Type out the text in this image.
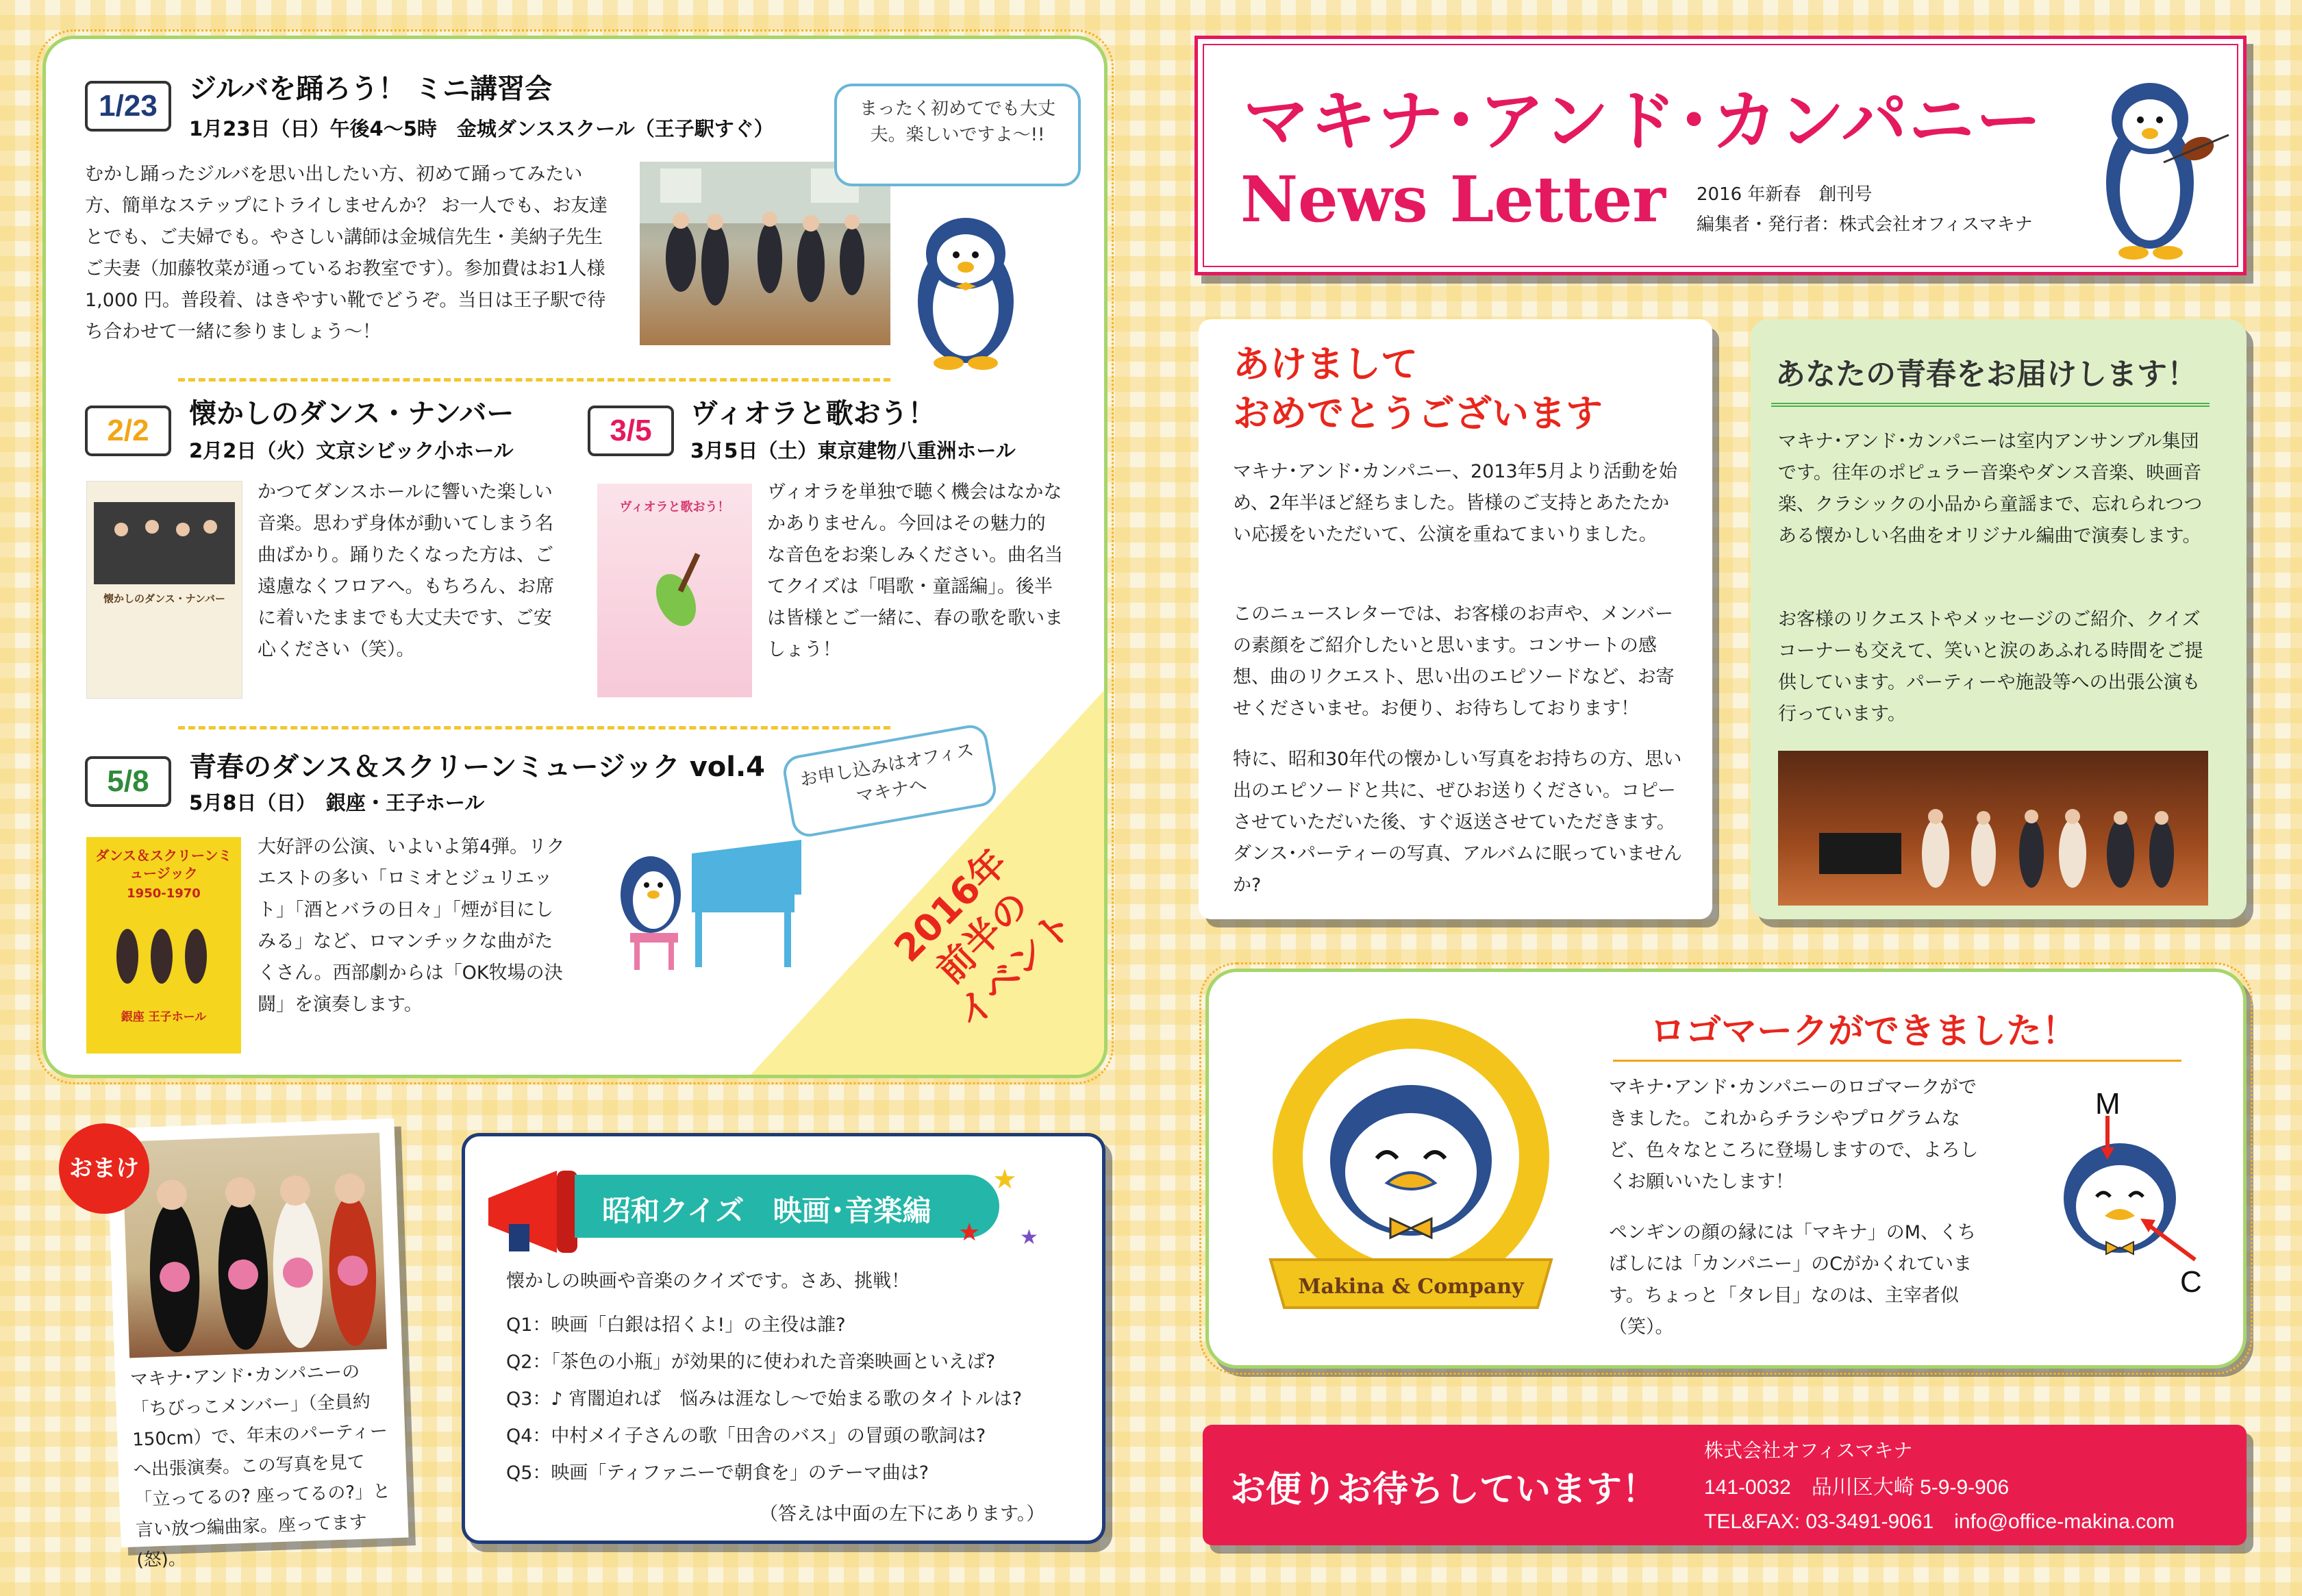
1/23	ジルバを踊ろう！ ミニ講習会
1月23日（日）午後4〜5時　金城ダンススクール（王子駅すぐ）
むかし踊ったジルバを思い出したい方、初めて踊ってみたい方、簡単なステップにトライしませんか？ お一人でも、お友達とでも、ご夫婦でも。やさしい講師は金城信先生・美納子先生ご夫妻（加藤牧菜が通っているお教室です）。参加費はお1人様 1,000 円。普段着、はきやすい靴でどうぞ。当日は王子駅で待ち合わせて一緒に参りましょう〜！
まったく初めてでも大丈夫。楽しいですよ〜!!
2/2	懐かしのダンス・ナンバー
2月2日（火）文京シビック小ホール
懐かしのダンス・ナンバー
かつてダンスホールに響いた楽しい音楽。思わず身体が動いてしまう名曲ばかり。踊りたくなった方は、ご遠慮なくフロアへ。もちろん、お席に着いたままでも大丈夫です、ご安心ください（笑）。
3/5	ヴィオラと歌おう！
3月5日（土）東京建物八重洲ホール
ヴィオラと歌おう！
ヴィオラを単独で聴く機会はなかなかありません。今回はその魅力的な音色をお楽しみください。曲名当てクイズは「唱歌・童謡編」。後半は皆様とご一緒に、春の歌を歌いましょう！
5/8	青春のダンス＆スクリーンミュージック vol.4
5月8日（日）　銀座・王子ホール
ダンス＆スクリーンミュージック
1950-1970
銀座 王子ホール
大好評の公演、いよいよ第4弾。リクエストの多い「ロミオとジュリエット」「酒とバラの日々」「煙が目にしみる」など、ロマンチックな曲がたくさん。西部劇からは「OK牧場の決闘」を演奏します。
お申し込みはオフィスマキナへ
2016年
前半の
イベント
マキナ･アンド･カンパニー
News Letter 2016 年新春　創刊号
編集者・発行者：株式会社オフィスマキナ
あけまして
おめでとうございます
マキナ･アンド･カンパニー、2013年5月より活動を始め、2年半ほど経ちました。皆様のご支持とあたたかい応援をいただいて、公演を重ねてまいりました。
このニュースレターでは、お客様のお声や、メンバーの素顔をご紹介したいと思います。コンサートの感想、曲のリクエスト、思い出のエピソードなど、お寄せくださいませ。お便り、お待ちしております！
特に、昭和30年代の懐かしい写真をお持ちの方、思い出のエピソードと共に、ぜひお送りください。コピーさせていただいた後、すぐ返送させていただきます。ダンス･パーティーの写真、アルバムに眠っていませんか?
あなたの青春をお届けします！
マキナ･アンド･カンパニーは室内アンサンブル集団です。往年のポピュラー音楽やダンス音楽、映画音楽、クラシックの小品から童謡まで、忘れられつつある懐かしい名曲をオリジナル編曲で演奏します。
お客様のリクエストやメッセージのご紹介、クイズコーナーも交えて、笑いと涙のあふれる時間をご提供しています。パーティーや施設等への出張公演も行っています。
Makina & Company
ロゴマークができました！
マキナ･アンド･カンパニーのロゴマークができました。これからチラシやプログラムなど、色々なところに登場しますので、よろしくお願いいたします！
ペンギンの顔の縁には「マキナ」のM、くちばしには「カンパニー」のCがかくれています。ちょっと「タレ目」なのは、主宰者似（笑）。
M
C
マキナ･アンド･カンパニーの「ちびっこメンバー」（全員約 150cm）で、年末のパーティーへ出張演奏。この写真を見て「立ってるの? 座ってるの?」と言い放つ編曲家。座ってます(怒)。
おまけ
昭和クイズ　映画･音楽編
★
★ ★
懐かしの映画や音楽のクイズです。さあ、挑戦！
Q1：映画「白銀は招くよ!」の主役は誰?
Q2：「茶色の小瓶」が効果的に使われた音楽映画といえば?
Q3：♪ 宵闇迫れば　悩みは涯なし〜で始まる歌のタイトルは?
Q4：中村メイ子さんの歌「田舎のバス」の冒頭の歌詞は?
Q5：映画「ティファニーで朝食を」のテーマ曲は?
（答えは中面の左下にあります。）
お便りお待ちしています！
株式会社オフィスマキナ
141-0032　品川区大崎 5-9-9-906
TEL&FAX: 03-3491-9061　info@office-makina.com
